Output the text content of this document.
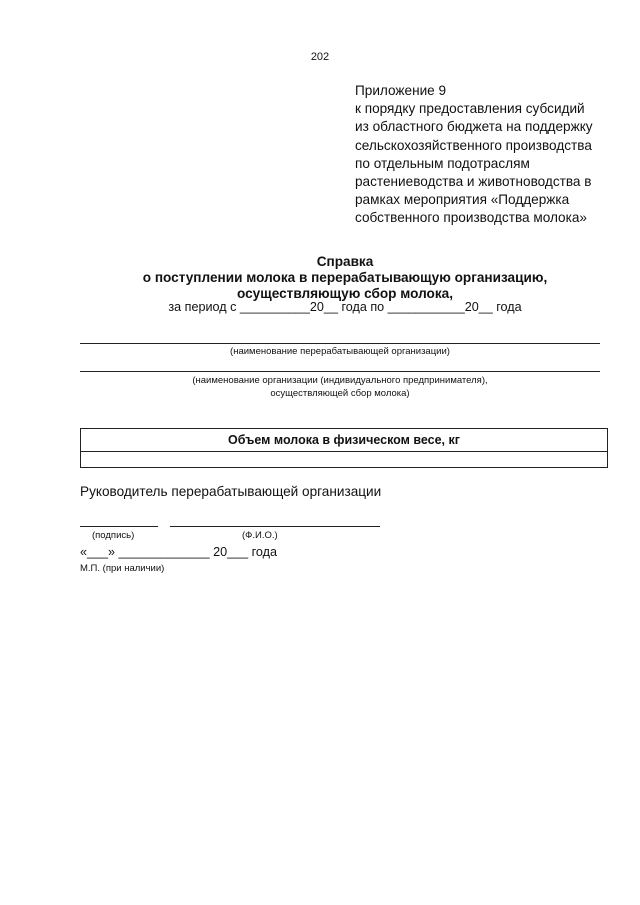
202
Приложение 9
к порядку предоставления субсидий
из областного бюджета на поддержку
сельскохозяйственного производства
по отдельным подотраслям
растениеводства и животноводства в
рамках мероприятия «Поддержка
собственного производства молока»
Справка
о поступлении молока в перерабатывающую организацию,
осуществляющую сбор молока,
за период с __________20__ года по ___________20__ года
(наименование перерабатывающей организации)
(наименование организации (индивидуального предпринимателя),
осуществляющей сбор молока)
Объем молока в физическом весе, кг
Руководитель перерабатывающей организации
(подпись)	(Ф.И.О.)
«___» _____________ 20___ года
М.П. (при наличии)
